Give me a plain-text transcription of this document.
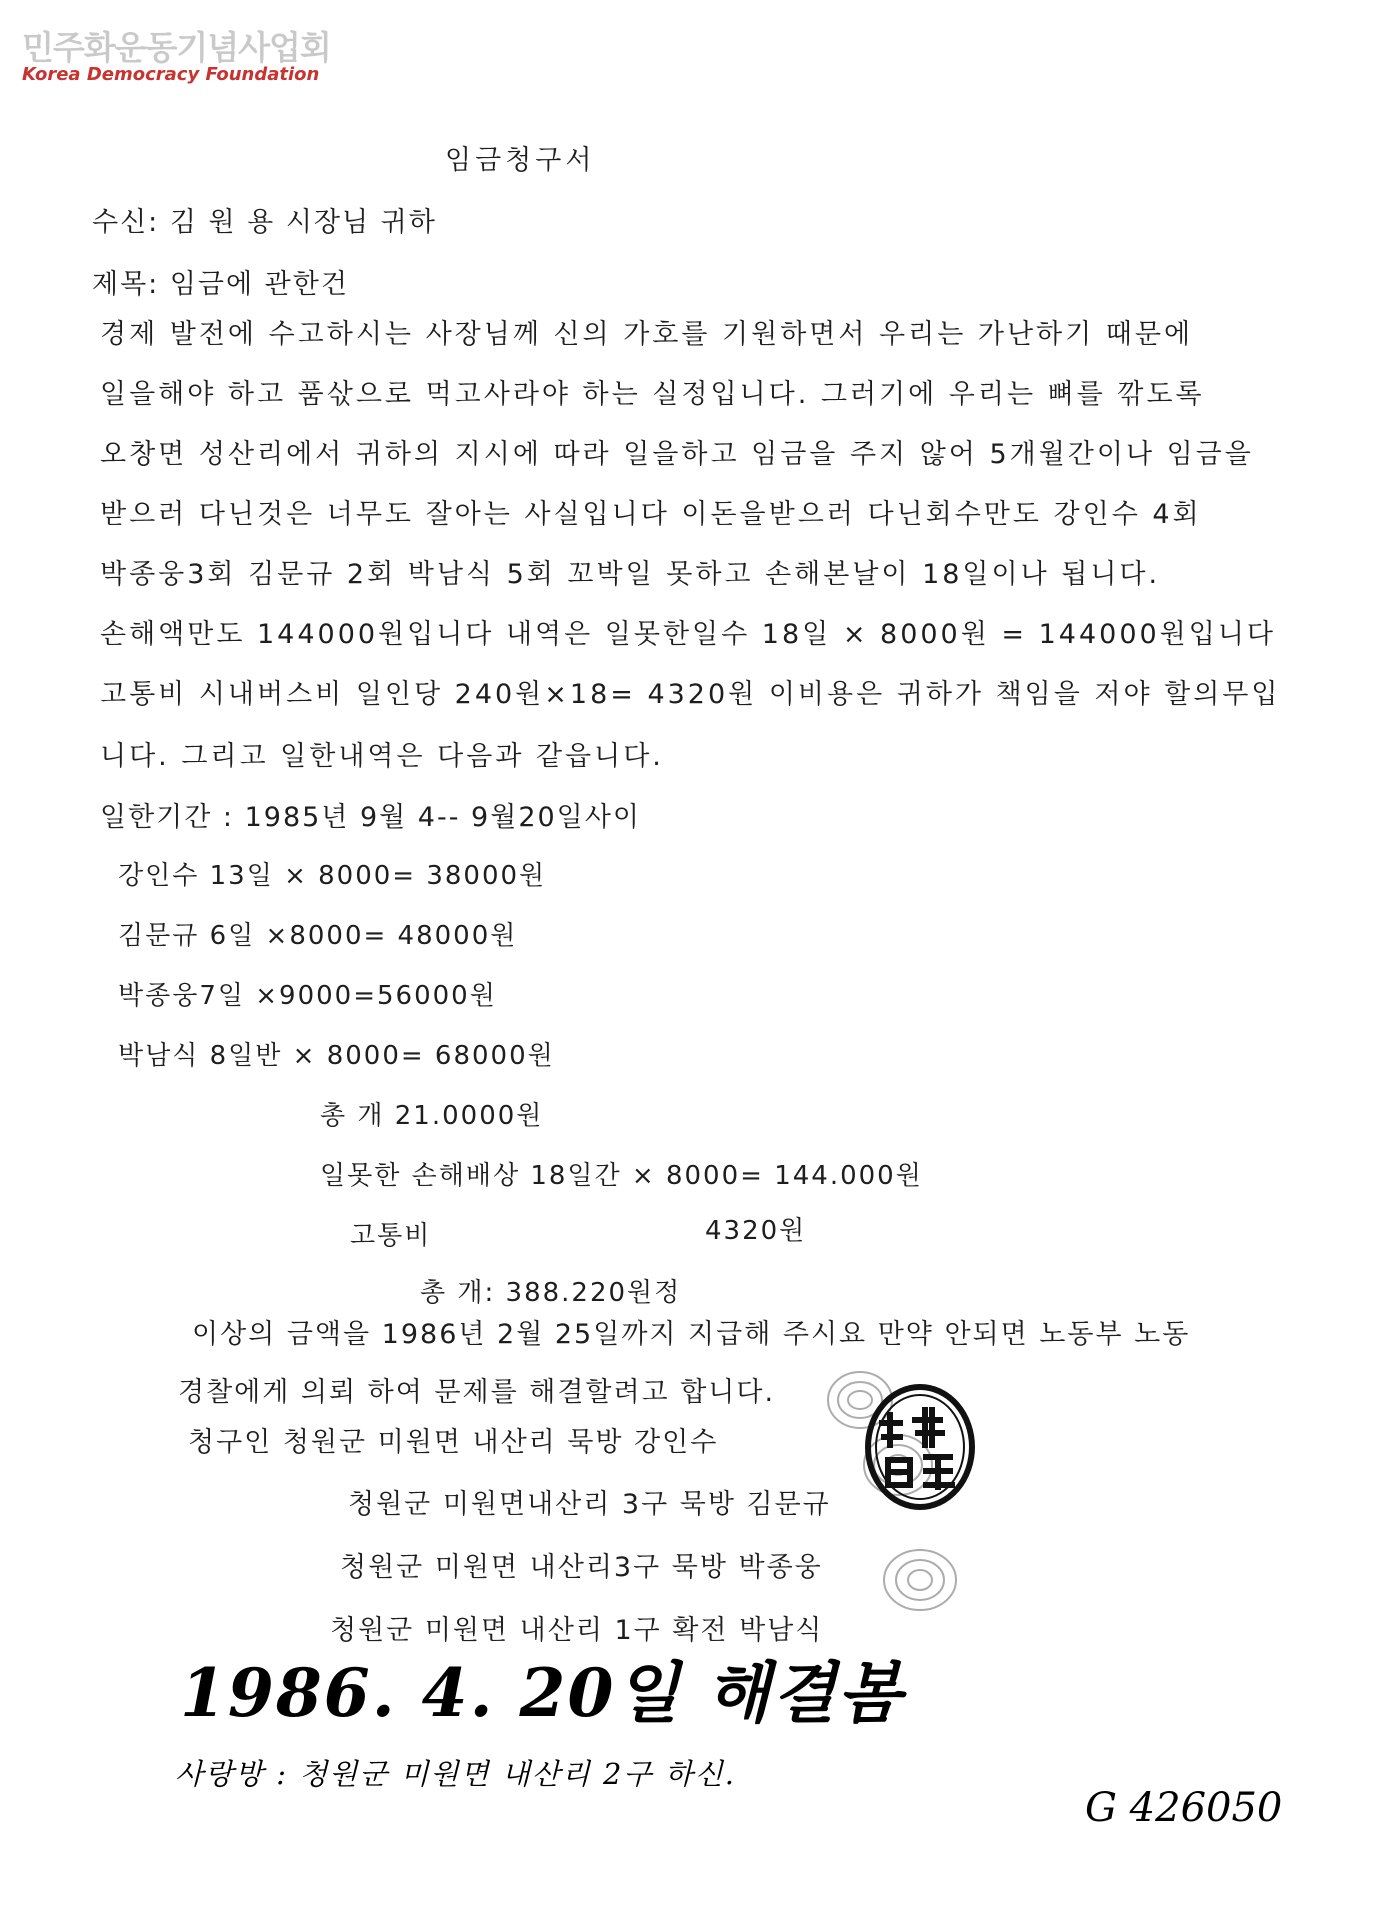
민주화운동기념사업회
Korea Democracy Foundation
임금청구서
수신: 김 원 용 시장님 귀하
제목: 임금에 관한건
경제 발전에 수고하시는 사장님께 신의 가호를 기원하면서 우리는 가난하기 때문에
일을해야 하고 품삯으로 먹고사라야 하는 실정입니다. 그러기에 우리는 뼈를 깎도록
오창면 성산리에서 귀하의 지시에 따라 일을하고 임금을 주지 않어 5개월간이나 임금을
받으러 다닌것은 너무도 잘아는 사실입니다 이돈을받으러 다닌회수만도 강인수 4회
박종웅3회 김문규 2회 박남식 5회 꼬박일 못하고 손해본날이 18일이나 됩니다.
손해액만도 144000원입니다 내역은 일못한일수 18일 × 8000원 = 144000원입니다
고통비 시내버스비 일인당 240원×18= 4320원 이비용은 귀하가 책임을 저야 할의무입
니다. 그리고 일한내역은 다음과 같읍니다.
일한기간 : 1985년 9월 4-- 9월20일사이
강인수 13일 × 8000= 38000원
김문규 6일 ×8000= 48000원
박종웅7일 ×9000=56000원
박남식 8일반 × 8000= 68000원
총 개 21.0000원
일못한 손해배상 18일간 × 8000= 144.000원
고통비	4320원
총 개: 388.220원정
이상의 금액을 1986년 2월 25일까지 지급해 주시요 만약 안되면 노동부 노동
경찰에게 의뢰 하여 문제를 해결할려고 합니다.
청구인 청원군 미원면 내산리 묵방 강인수
청원군 미원면내산리 3구 묵방 김문규
청원군 미원면 내산리3구 묵방 박종웅
청원군 미원면 내산리 1구 확전 박남식
1986. 4. 20일 해결봄
사랑방 : 청원군 미원면 내산리 2구 하신.
G 426050
